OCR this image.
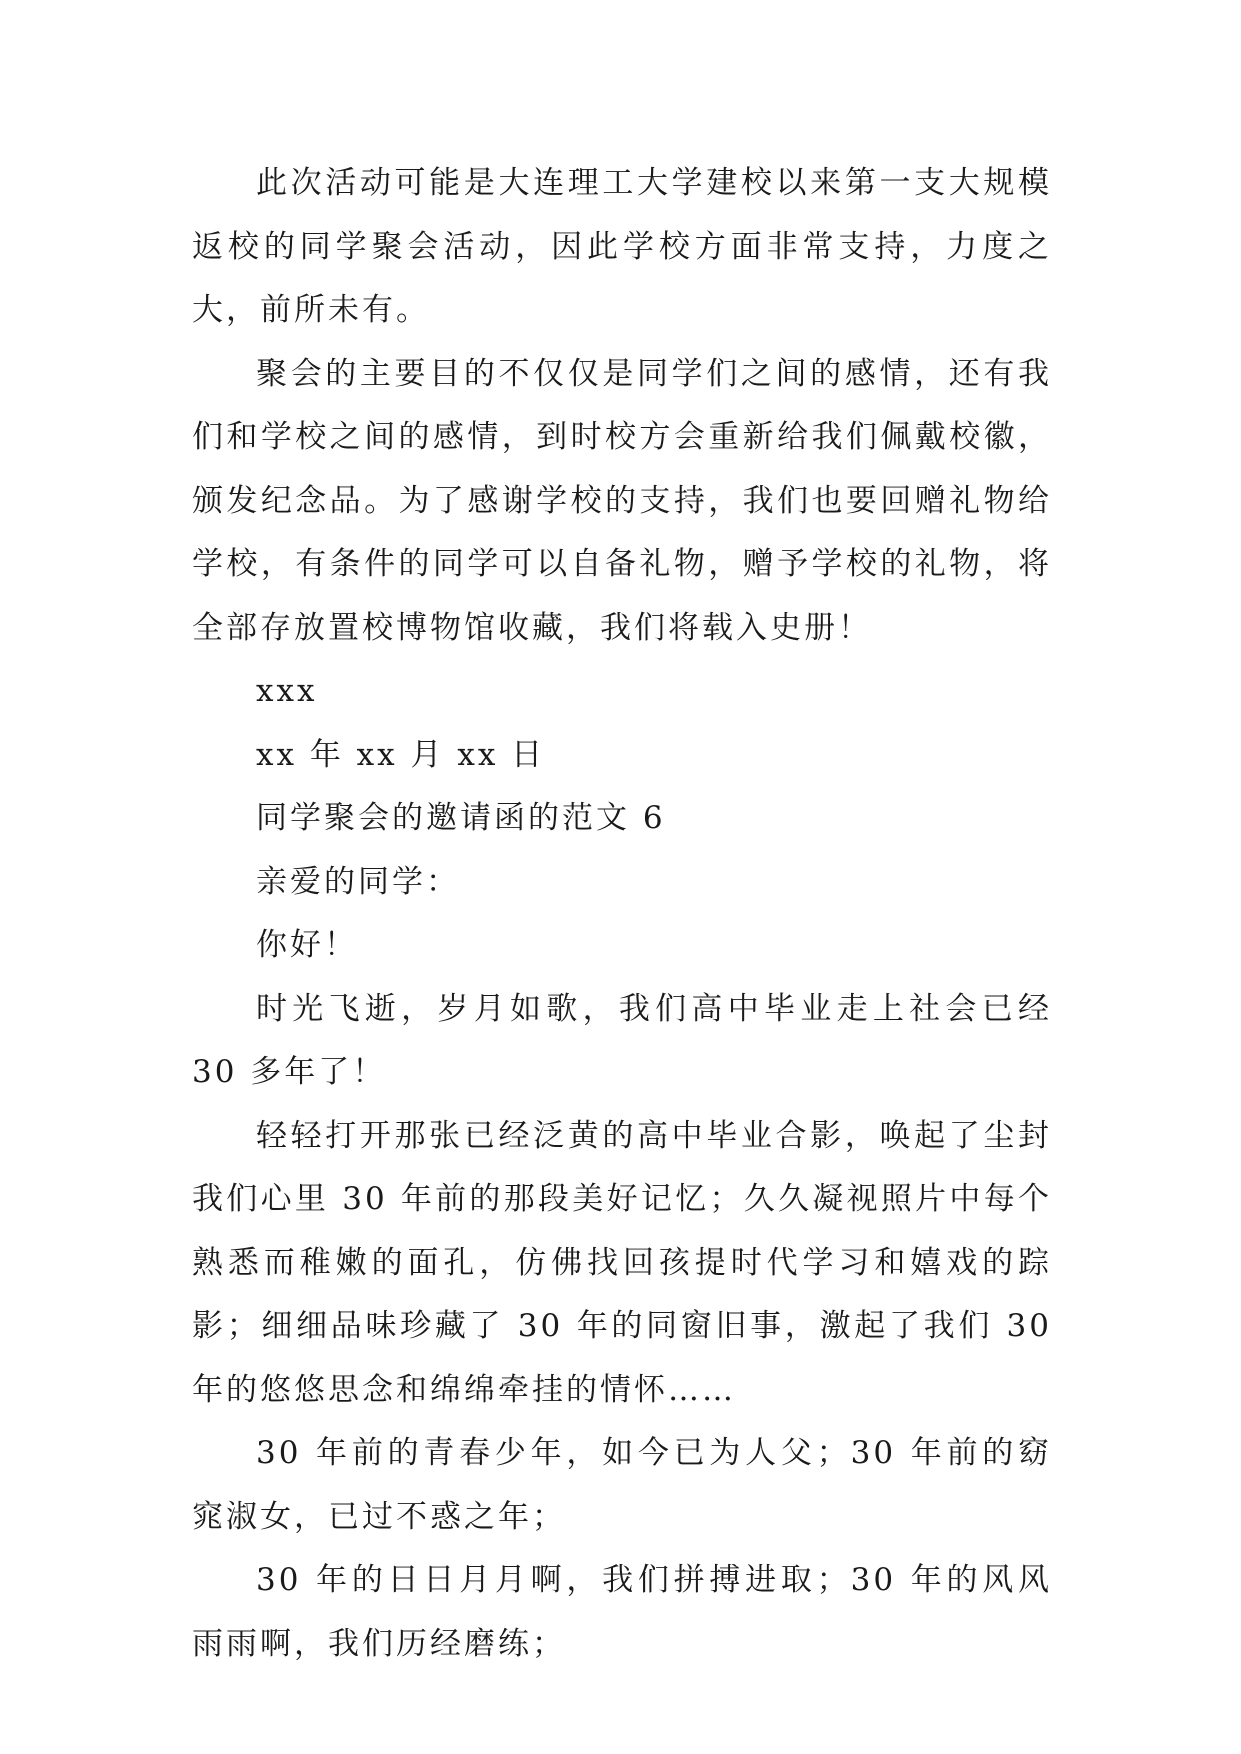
此次活动可能是大连理工大学建校以来第一支大规模返校的同学聚会活动，因此学校方面非常支持，力度之大，前所未有。

聚会的主要目的不仅仅是同学们之间的感情，还有我们和学校之间的感情，到时校方会重新给我们佩戴校徽，颁发纪念品。为了感谢学校的支持，我们也要回赠礼物给学校，有条件的同学可以自备礼物，赠予学校的礼物，将全部存放置校博物馆收藏，我们将载入史册！

xxx

xx 年 xx 月 xx 日

同学聚会的邀请函的范文 6

亲爱的同学：

你好！

时光飞逝，岁月如歌，我们高中毕业走上社会已经 30 多年了！

轻轻打开那张已经泛黄的高中毕业合影，唤起了尘封我们心里 30 年前的那段美好记忆；久久凝视照片中每个熟悉而稚嫩的面孔，仿佛找回孩提时代学习和嬉戏的踪影；细细品味珍藏了 30 年的同窗旧事，激起了我们 30 年的悠悠思念和绵绵牵挂的情怀……

30 年前的青春少年，如今已为人父；30 年前的窈窕淑女，已过不惑之年；

30 年的日日月月啊，我们拼搏进取；30 年的风风雨雨啊，我们历经磨练；
